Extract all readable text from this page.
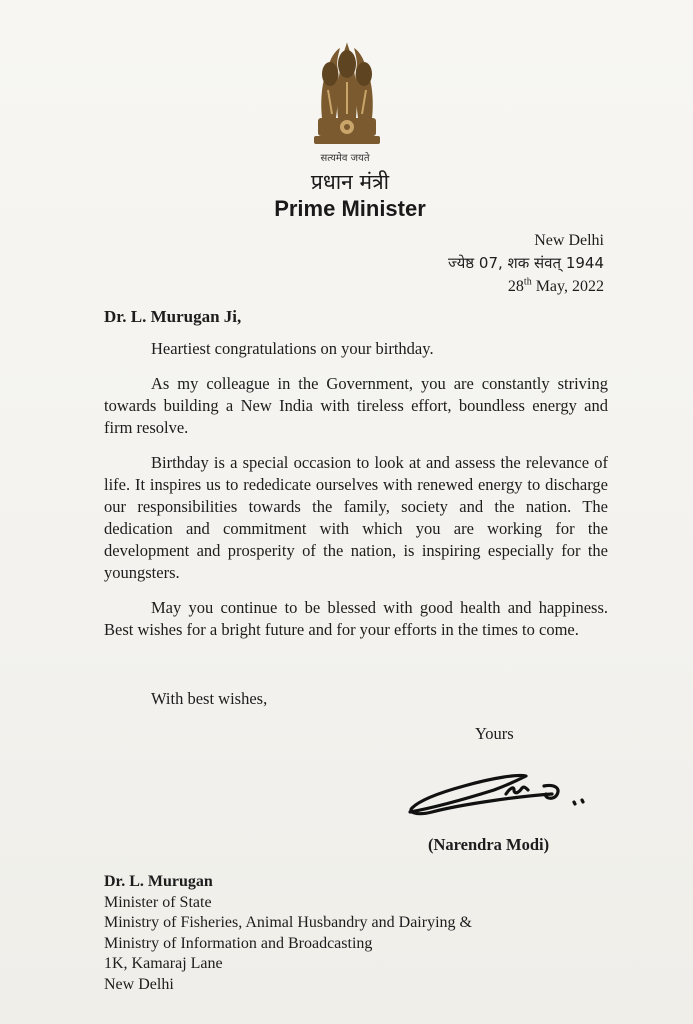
सत्यमेव जयते
प्रधान मंत्री
Prime Minister
New Delhi
ज्येष्ठ 07, शक संवत् 1944
28th May, 2022
Dr. L. Murugan Ji,

Heartiest congratulations on your birthday.

As my colleague in the Government, you are constantly striving towards building a New India with tireless effort, boundless energy and firm resolve.

Birthday is a special occasion to look at and assess the relevance of life. It inspires us to rededicate ourselves with renewed energy to discharge our responsibilities towards the family, society and the nation. The dedication and commitment with which you are working for the development and prosperity of the nation, is inspiring especially for the youngsters.

May you continue to be blessed with good health and happiness. Best wishes for a bright future and for your efforts in the times to come.

With best wishes,
Yours
(Narendra Modi)
Dr. L. Murugan
Minister of State
Ministry of Fisheries, Animal Husbandry and Dairying &
Ministry of Information and Broadcasting
1K, Kamaraj Lane
New Delhi
